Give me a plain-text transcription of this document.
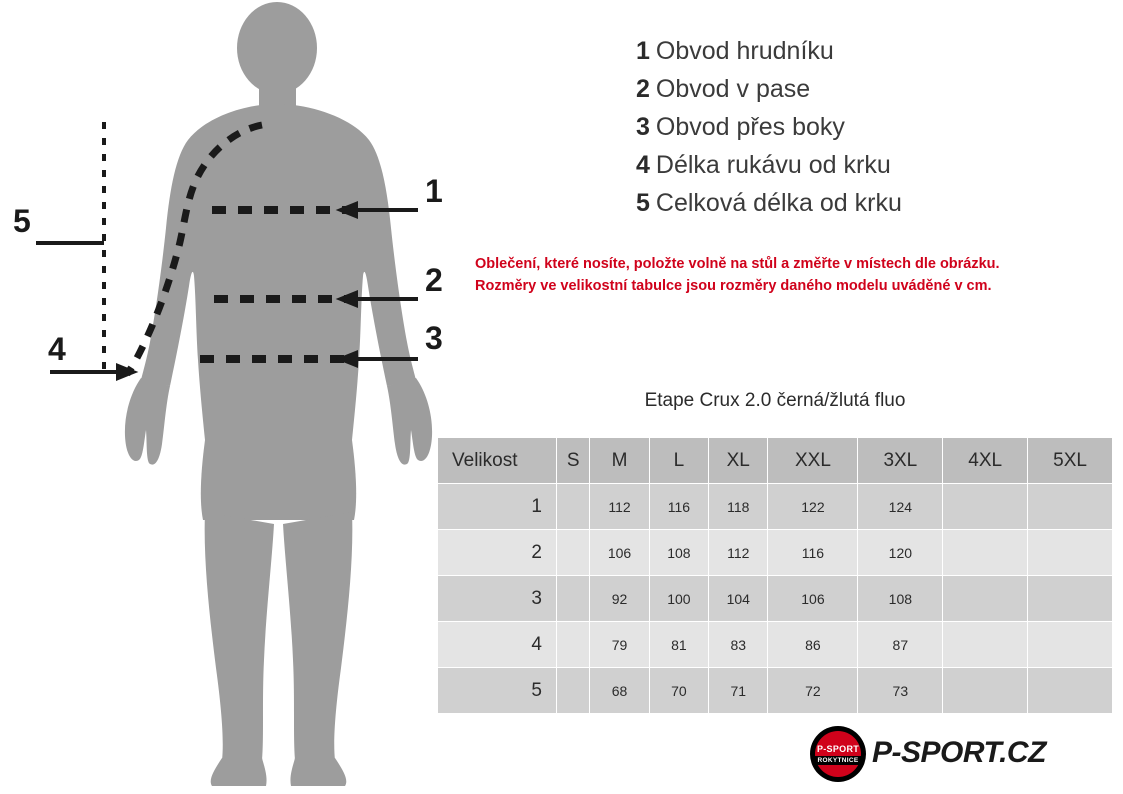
1
2
3
4
5
1 Obvod hrudníku
2 Obvod v pase
3 Obvod přes boky
4 Délka rukávu od krku
5 Celková délka od krku
Oblečení, které nosíte, položte volně na stůl a změřte v místech dle obrázku.
Rozměry ve velikostní tabulce jsou rozměry daného modelu uváděné v cm.
Etape Crux 2.0 černá/žlutá fluo
Velikost	S	M	L	XL	XXL	3XL	4XL	5XL
1		112	116	118	122	124		
2		106	108	112	116	120		
3		92	100	104	106	108		
4		79	81	83	86	87		
5		68	70	71	72	73		
P-SPORT
ROKYTNICE P-SPORT.CZ
